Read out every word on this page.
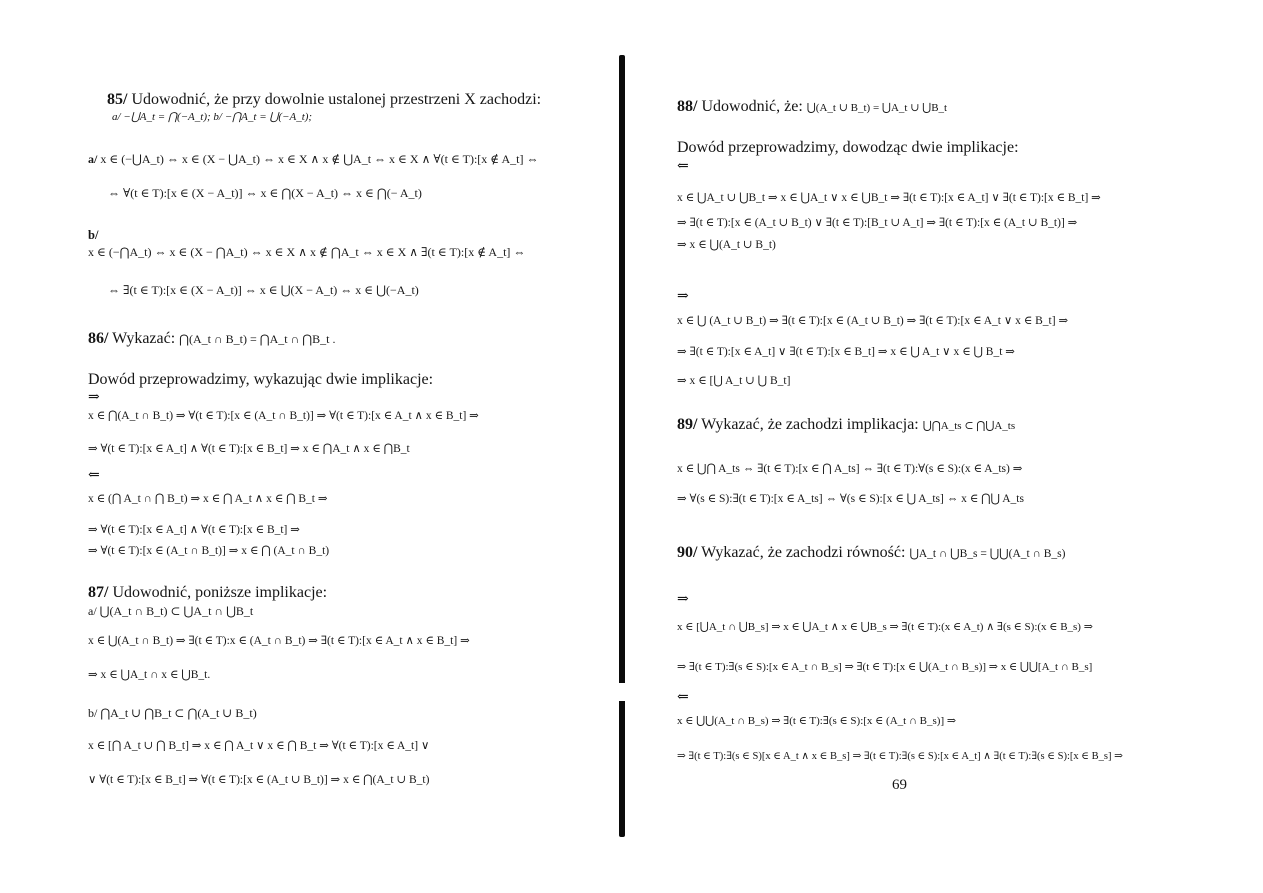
85/ Udowodnić, że przy dowolnie ustalonej przestrzeni X zachodzi:
a/ −⋃A_t = ⋂(−A_t); b/ −⋂A_t = ⋃(−A_t);
a/ x ∈ (−⋃A_t) ⇔ x ∈ (X − ⋃A_t) ⇔ x ∈ X ∧ x ∉ ⋃A_t ⇔ x ∈ X ∧ ∀(t ∈ T):[x ∉ A_t] ⇔
⇔ ∀(t ∈ T):[x ∈ (X − A_t)] ⇔ x ∈ ⋂(X − A_t) ⇔ x ∈ ⋂(− A_t)
b/
x ∈ (−⋂A_t) ⇔ x ∈ (X − ⋂A_t) ⇔ x ∈ X ∧ x ∉ ⋂A_t ⇔ x ∈ X ∧ ∃(t ∈ T):[x ∉ A_t] ⇔
⇔ ∃(t ∈ T):[x ∈ (X − A_t)] ⇔ x ∈ ⋃(X − A_t) ⇔ x ∈ ⋃(−A_t)
86/ Wykazać: ⋂(A_t ∩ B_t) = ⋂A_t ∩ ⋂B_t .
Dowód przeprowadzimy, wykazując dwie implikacje:
⇒
x ∈ ⋂(A_t ∩ B_t) ⇒ ∀(t ∈ T):[x ∈ (A_t ∩ B_t)] ⇒ ∀(t ∈ T):[x ∈ A_t ∧ x ∈ B_t] ⇒
⇒ ∀(t ∈ T):[x ∈ A_t] ∧ ∀(t ∈ T):[x ∈ B_t] ⇒ x ∈ ⋂A_t ∧ x ∈ ⋂B_t
⇐
x ∈ (⋂ A_t ∩ ⋂ B_t) ⇒ x ∈ ⋂ A_t ∧ x ∈ ⋂ B_t ⇒
⇒ ∀(t ∈ T):[x ∈ A_t] ∧ ∀(t ∈ T):[x ∈ B_t] ⇒
⇒ ∀(t ∈ T):[x ∈ (A_t ∩ B_t)] ⇒ x ∈ ⋂ (A_t ∩ B_t)
87/ Udowodnić, poniższe implikacje:
a/ ⋃(A_t ∩ B_t) ⊂ ⋃A_t ∩ ⋃B_t
x ∈ ⋃(A_t ∩ B_t) ⇒ ∃(t ∈ T):x ∈ (A_t ∩ B_t) ⇒ ∃(t ∈ T):[x ∈ A_t ∧ x ∈ B_t] ⇒
⇒ x ∈ ⋃A_t ∩ x ∈ ⋃B_t.
b/ ⋂A_t ∪ ⋂B_t ⊂ ⋂(A_t ∪ B_t)
x ∈ [⋂ A_t ∪ ⋂ B_t] ⇒ x ∈ ⋂ A_t ∨ x ∈ ⋂ B_t ⇒ ∀(t ∈ T):[x ∈ A_t] ∨
∨ ∀(t ∈ T):[x ∈ B_t] ⇒ ∀(t ∈ T):[x ∈ (A_t ∪ B_t)] ⇒ x ∈ ⋂(A_t ∪ B_t)
88/ Udowodnić, że: ⋃(A_t ∪ B_t) = ⋃A_t ∪ ⋃B_t
Dowód przeprowadzimy, dowodząc dwie implikacje:
⇐
x ∈ ⋃A_t ∪ ⋃B_t ⇒ x ∈ ⋃A_t ∨ x ∈ ⋃B_t ⇒ ∃(t ∈ T):[x ∈ A_t] ∨ ∃(t ∈ T):[x ∈ B_t] ⇒
⇒ ∃(t ∈ T):[x ∈ (A_t ∪ B_t) ∨ ∃(t ∈ T):[B_t ∪ A_t] ⇒ ∃(t ∈ T):[x ∈ (A_t ∪ B_t)] ⇒
⇒ x ∈ ⋃(A_t ∪ B_t)
⇒
x ∈ ⋃ (A_t ∪ B_t) ⇒ ∃(t ∈ T):[x ∈ (A_t ∪ B_t) ⇒ ∃(t ∈ T):[x ∈ A_t ∨ x ∈ B_t] ⇒
⇒ ∃(t ∈ T):[x ∈ A_t] ∨ ∃(t ∈ T):[x ∈ B_t] ⇒ x ∈ ⋃ A_t ∨ x ∈ ⋃ B_t ⇒
⇒ x ∈ [⋃ A_t ∪ ⋃ B_t]
89/ Wykazać, że zachodzi implikacja: ⋃⋂A_ts ⊂ ⋂⋃A_ts
x ∈ ⋃⋂ A_ts ⇔ ∃(t ∈ T):[x ∈ ⋂ A_ts] ⇔ ∃(t ∈ T):∀(s ∈ S):(x ∈ A_ts) ⇒
⇒ ∀(s ∈ S):∃(t ∈ T):[x ∈ A_ts] ⇔ ∀(s ∈ S):[x ∈ ⋃ A_ts] ⇔ x ∈ ⋂⋃ A_ts
90/ Wykazać, że zachodzi równość: ⋃A_t ∩ ⋃B_s = ⋃⋃(A_t ∩ B_s)
⇒
x ∈ [⋃A_t ∩ ⋃B_s] ⇒ x ∈ ⋃A_t ∧ x ∈ ⋃B_s ⇒ ∃(t ∈ T):(x ∈ A_t) ∧ ∃(s ∈ S):(x ∈ B_s) ⇒
⇒ ∃(t ∈ T):∃(s ∈ S):[x ∈ A_t ∩ B_s] ⇒ ∃(t ∈ T):[x ∈ ⋃(A_t ∩ B_s)] ⇒ x ∈ ⋃⋃[A_t ∩ B_s]
⇐
x ∈ ⋃⋃(A_t ∩ B_s) ⇒ ∃(t ∈ T):∃(s ∈ S):[x ∈ (A_t ∩ B_s)] ⇒
⇒ ∃(t ∈ T):∃(s ∈ S)[x ∈ A_t ∧ x ∈ B_s] ⇒ ∃(t ∈ T):∃(s ∈ S):[x ∈ A_t] ∧ ∃(t ∈ T):∃(s ∈ S):[x ∈ B_s] ⇒
69
